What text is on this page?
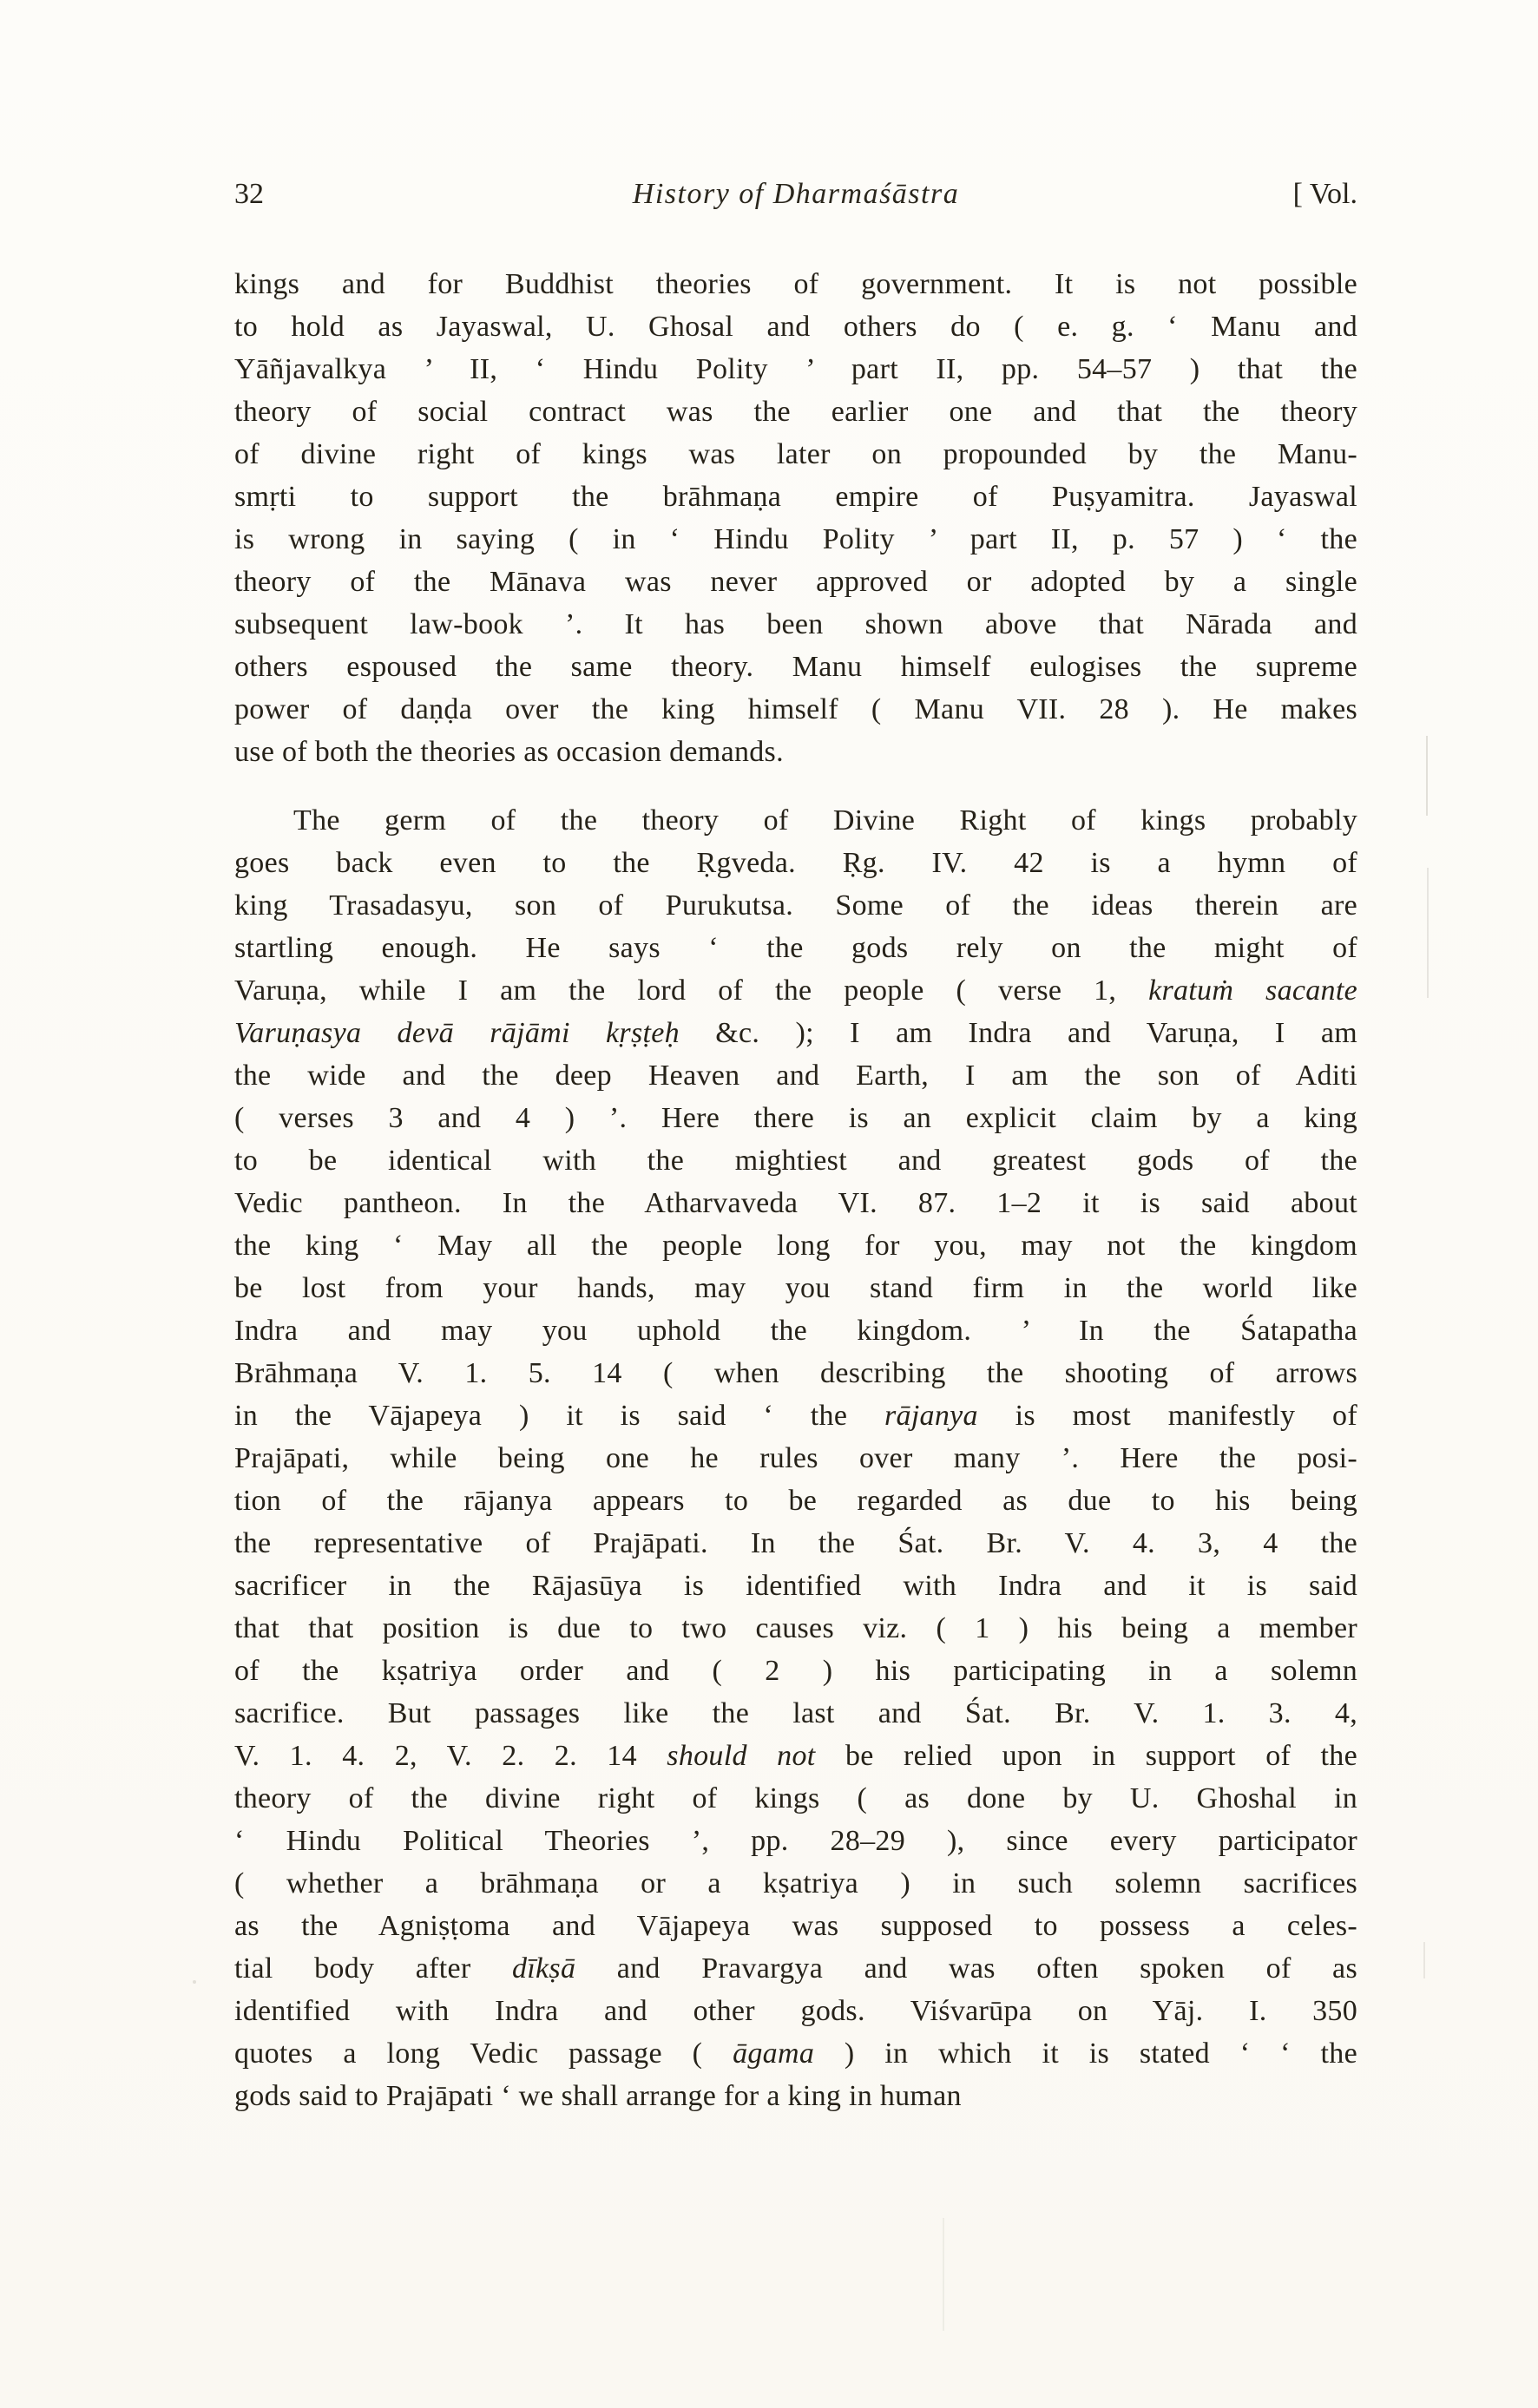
32	History of Dharmaśāstra	[ Vol.
kings and for Buddhist theories of government. It is not possible
to hold as Jayaswal, U. Ghosal and others do ( e. g. ‘ Manu and
Yāñjavalkya ’ II, ‘ Hindu Polity ’ part II, pp. 54–57 ) that the
theory of social contract was the earlier one and that the theory
of divine right of kings was later on propounded by the Manu-
smṛti to support the brāhmaṇa empire of Puṣyamitra. Jayaswal
is wrong in saying ( in ‘ Hindu Polity ’ part II, p. 57 ) ‘ the
theory of the Mānava was never approved or adopted by a single
subsequent law-book ’. It has been shown above that Nārada and
others espoused the same theory. Manu himself eulogises the supreme
power of daṇḍa over the king himself ( Manu VII. 28 ). He makes
use of both the theories as occasion demands.
The germ of the theory of Divine Right of kings probably
goes back even to the Ṛgveda. Ṛg. IV. 42 is a hymn of
king Trasadasyu, son of Purukutsa. Some of the ideas therein are
startling enough. He says ‘ the gods rely on the might of
Varuṇa, while I am the lord of the people ( verse 1, kratuṁ sacante
Varuṇasya devā rājāmi kṛṣṭeḥ &c. ); I am Indra and Varuṇa, I am
the wide and the deep Heaven and Earth, I am the son of Aditi
( verses 3 and 4 ) ’. Here there is an explicit claim by a king
to be identical with the mightiest and greatest gods of the
Vedic pantheon. In the Atharvaveda VI. 87. 1–2 it is said about
the king ‘ May all the people long for you, may not the kingdom
be lost from your hands, may you stand firm in the world like
Indra and may you uphold the kingdom. ’ In the Śatapatha
Brāhmaṇa V. 1. 5. 14 ( when describing the shooting of arrows
in the Vājapeya ) it is said ‘ the rājanya is most manifestly of
Prajāpati, while being one he rules over many ’. Here the posi-
tion of the rājanya appears to be regarded as due to his being
the representative of Prajāpati. In the Śat. Br. V. 4. 3, 4 the
sacrificer in the Rājasūya is identified with Indra and it is said
that that position is due to two causes viz. ( 1 ) his being a member
of the kṣatriya order and ( 2 ) his participating in a solemn
sacrifice. But passages like the last and Śat. Br. V. 1. 3. 4,
V. 1. 4. 2, V. 2. 2. 14 should not be relied upon in support of the
theory of the divine right of kings ( as done by U. Ghoshal in
‘ Hindu Political Theories ’, pp. 28–29 ), since every participator
( whether a brāhmaṇa or a kṣatriya ) in such solemn sacrifices
as the Agniṣṭoma and Vājapeya was supposed to possess a celes-
tial body after dīkṣā and Pravargya and was often spoken of as
identified with Indra and other gods. Viśvarūpa on Yāj. I. 350
quotes a long Vedic passage ( āgama ) in which it is stated ‘ ‘ the
gods said to Prajāpati ‘ we shall arrange for a king in human
